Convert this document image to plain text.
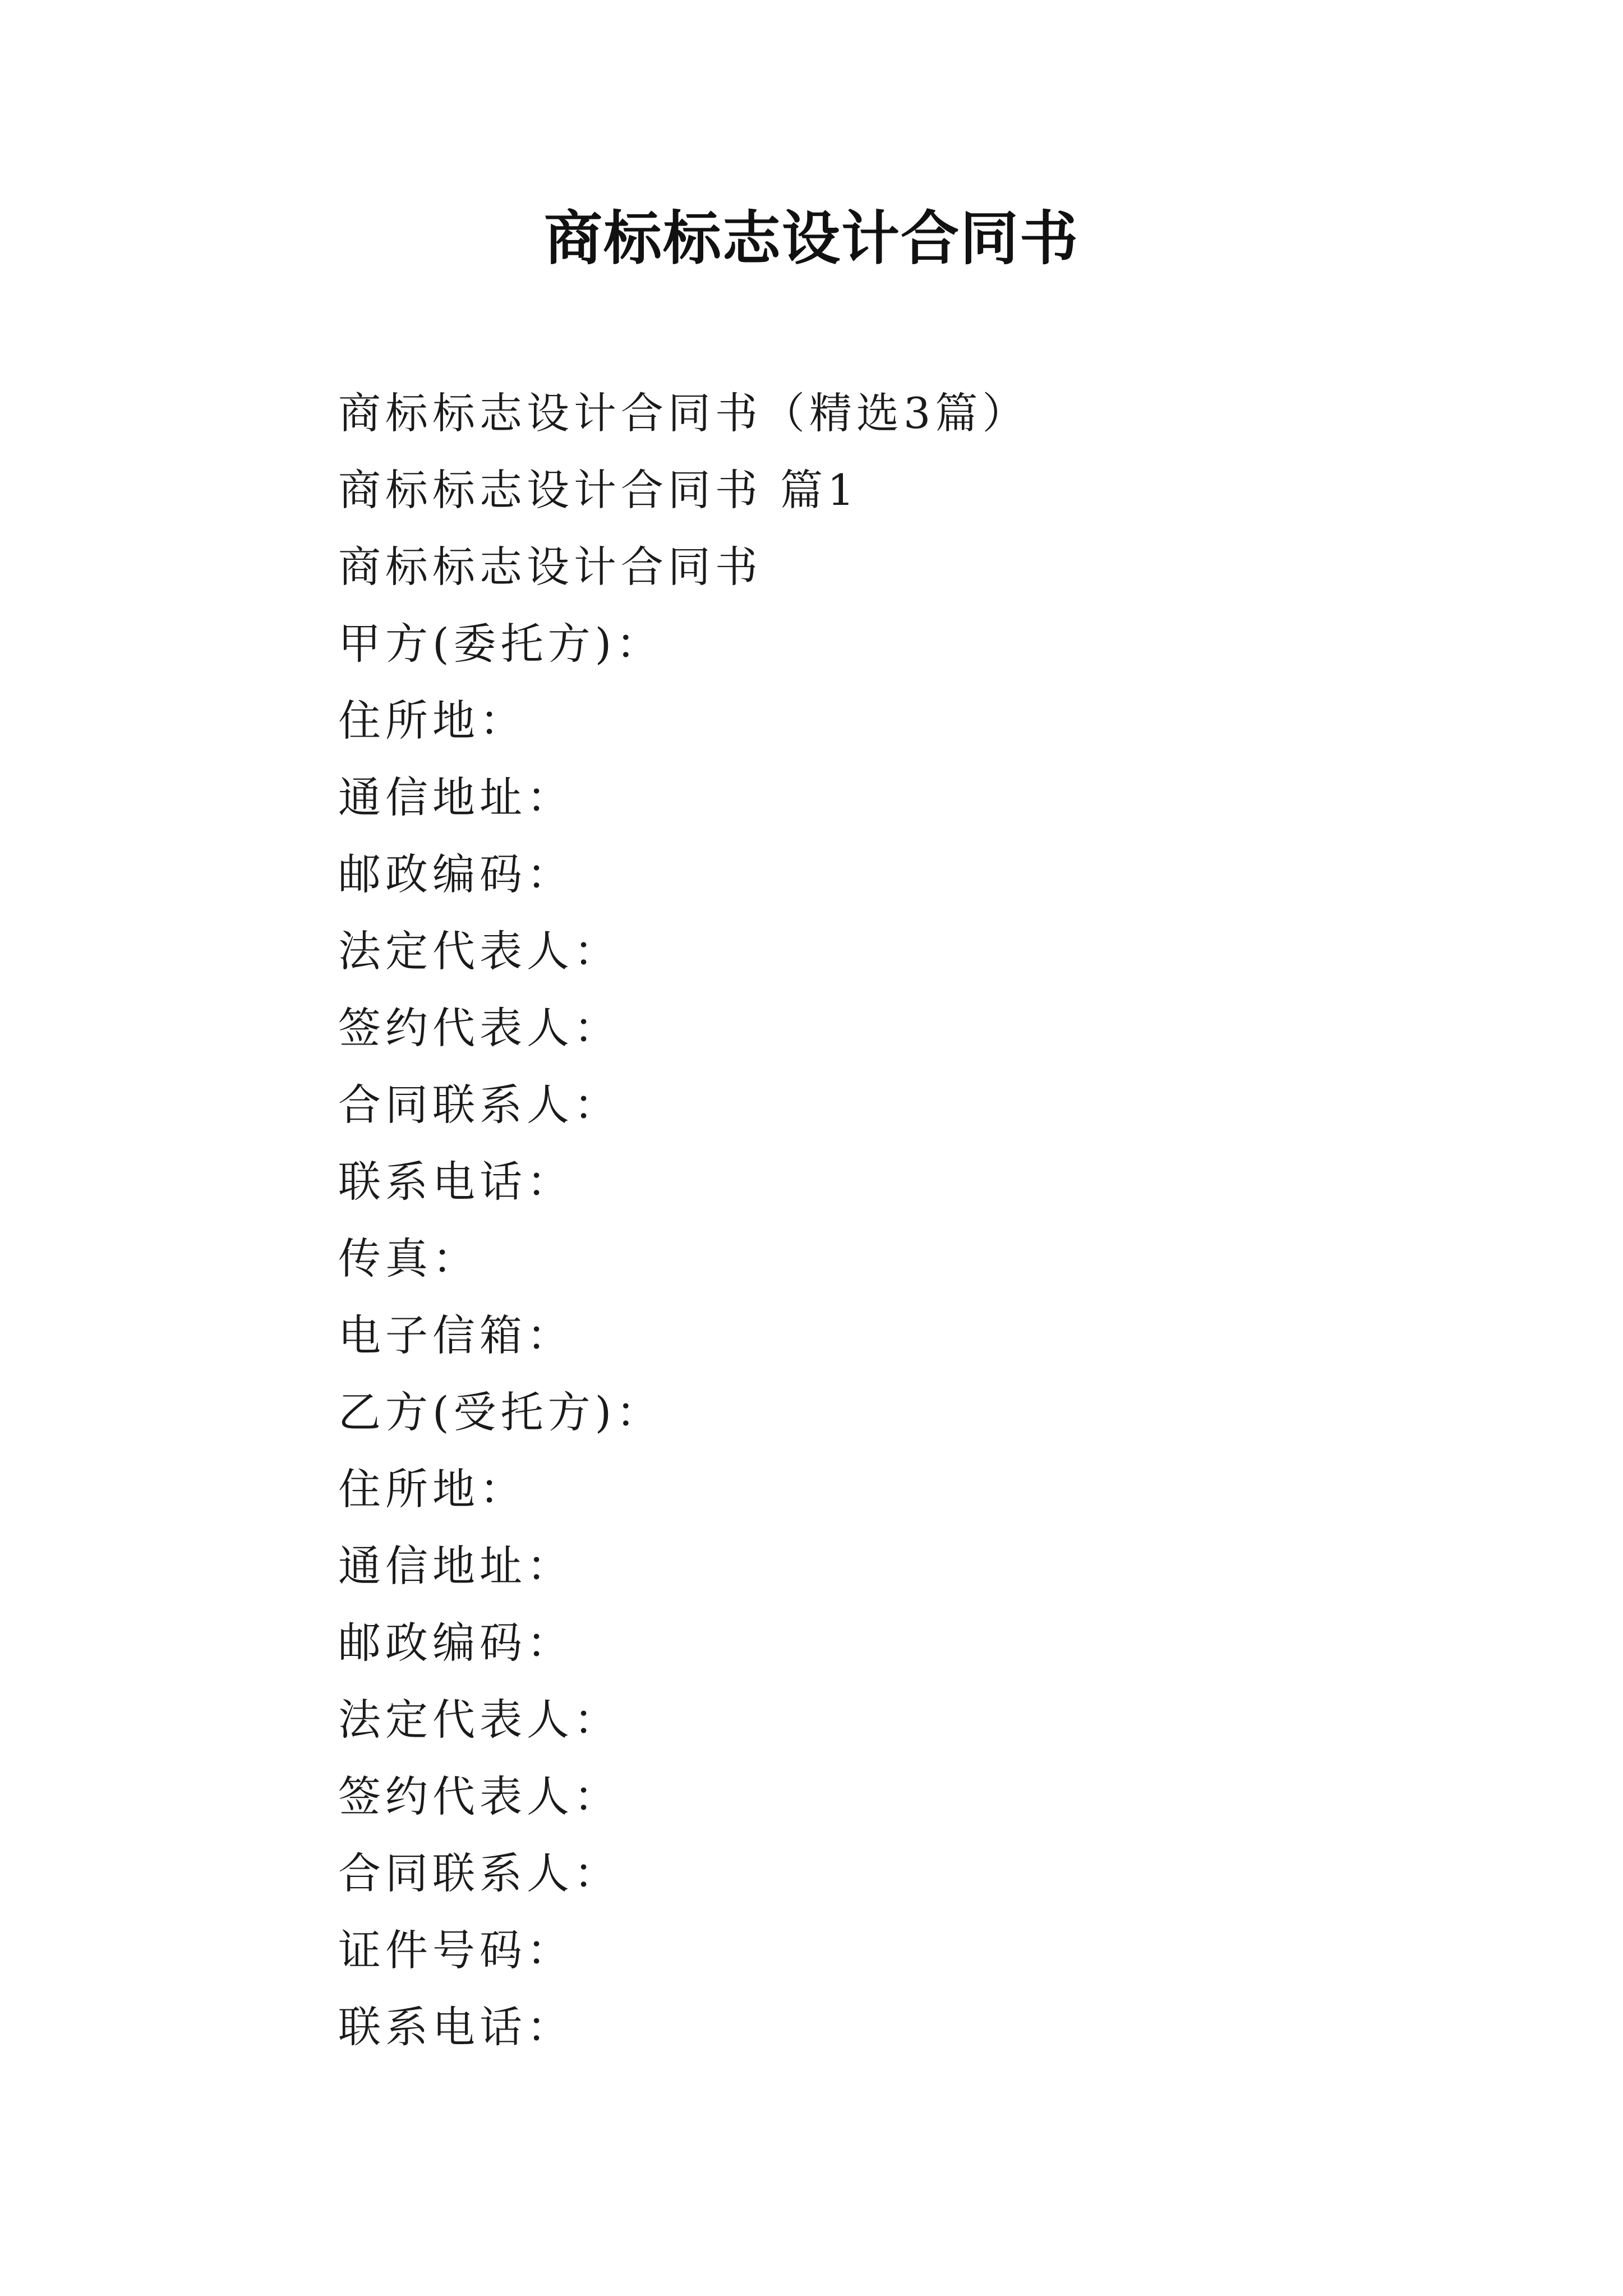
商标标志设计合同书
商标标志设计合同书（精选3篇）
商标标志设计合同书 篇1
商标标志设计合同书
甲方(委托方)：
住所地：
通信地址：
邮政编码：
法定代表人：
签约代表人：
合同联系人：
联系电话：
传真：
电子信箱：
乙方(受托方)：
住所地：
通信地址：
邮政编码：
法定代表人：
签约代表人：
合同联系人：
证件号码：
联系电话：
